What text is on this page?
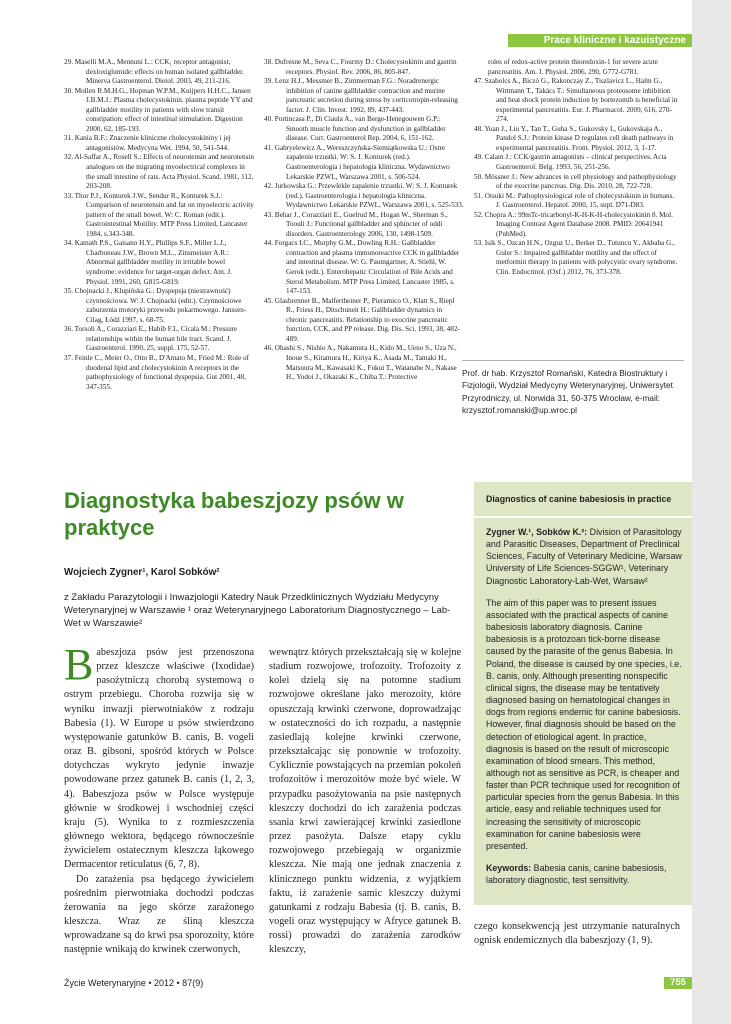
Prace kliniczne i kazuistyczne

29. Maselli M.A., Mennuni L.: CCK₁ receptor antagonist, dexloxiglumide: effects on human isolated gallbladder. Minerva Gastroenterol. Dietol. 2003, 49, 211-216.

30. Mollen R.M.H.G., Hopman W.P.M., Kuijpers H.H.C., Jansen J.B.M.J.: Plasma cholecystokinin. plasma peptide YY and gallbladder motility in patients with slow transit constipation: effect of intestinal stimulation. Digestion 2000, 62, 185-193.

31. Kania B.F.: Znaczenie kliniczne cholecystokininy i jej antagonistów. Medycyna Wet. 1994, 50, 541-544.

32. Al-Saffar A., Rosell S.: Effects of neurotensin and neurotensin analogues on the migrating myoelectrical complexes in the small intestine of rats. Acta Physiol. Scand. 1981, 112, 203-208.

33. Thor P.J., Konturek J.W., Sendur R., Konturek S.J.: Comparison of neurotensin and fat on myoelectric activity pattern of the small bowel. W: C. Roman (edit.). Gastrointestinal Motility. MTP Press Limited, Lancaster 1984, s.343-348.

34. Kamath P.S., Gaisano H.Y., Phillips S.F., Miller L.J., Charboneau J.W., Brown M.L., Zinsmeister A.R.: Abnormal gallbladder motility in irritable bowel syndrome: evidence for target-organ defect. Am. J. Physiol. 1991, 260, G815-G819.

35. Chojnacki J., Klupińska G.: Dyspepsja (niestrawność) czynnościowa. W: J. Chojnacki (edit.). Czynnościowe zaburzenia motoryki przewodu pokarmowego. Janssen-Cilag, Łódź 1997, s. 68-75.

36. Torsoli A., Corazziari E., Habib F.I., Cicala M.: Pressure relationships within the human bile tract. Scand. J. Gastroenterol. 1990, 25, suppl. 175, 52-57.

37. Feinle C., Meier O., Otto B., D'Amato M., Fried M.: Role of duodenal lipid and cholecystokinin A receptors in the pathophysiology of functional dyspepsia. Gut 2001, 48, 347-355.

38. Dufresne M., Seva C., Fourmy D.: Cholecystokinin and gastrin receptors. Physiol. Rev. 2006, 86, 805-847.

39. Lenz H.J., Messmer B., Zimmerman F.G.: Noradrenergic inhibition of canine gallbladder contraction and murine pancreatic secretion during stress by corticotropin-releasing factor. J. Clin. Invest. 1992, 89, 437-443.

40. Portincasa P., Di Ciaula A., van Berge-Henegouwen G.P.: Smooth muscle function and dysfunction in gallbladder disease. Curr. Gastroenterol Rep. 2004, 6, 151-162.

41. Gabryelewicz A., Wereszczyńska-Siemiątkowska U.: Ostre zapalenie trzustki. W: S. J. Konturek (red.). Gastroenterologia i hepatologia kliniczna. Wydawnictwo Lekarskie PZWL, Warszawa 2001, s. 506-524.

42. Jurkowska G.: Przewlekłe zapalenie trzustki. W: S. J. Konturek (red.). Gastroenterologia i hepatologia kliniczna. Wydawnictwo Lekarskie PZWL, Warszawa 2001, s. 525-533.

43. Behar J., Corazziari E., Guelrud M., Hogan W., Sherman S., Toouli J.: Functional gallbladder and sphincter of oddi disorders. Gastroenterology 2006, 130, 1498-1509.

44. Forgacs I.C., Murphy G.M., Dowling R.H.: Gallbladder contraction and plasma immunoreactive CCK in gallbladder and intestinal disease. W: G. Paumgartner, A. Stiehl, W. Gerok (edit.). Enterohepatic Circulation of Bile Acids and Sterol Metabolism. MTP Press Limited, Lancaster 1985, s. 147-153.

45. Glasbrenner B., Malfertheiner P., Pieramico O., Klatt S., Riepl R., Friess H., Ditschuneit H.: Gallbladder dynamics in chronic pancreatitis. Relationship to exocrine pancreatic function, CCK, and PP release. Dig. Dis. Sci. 1993, 38, 482-489.

46. Ohashi S., Nishio A., Nakamura H., Kido M., Ueno S., Uza N., Inoue S., Kitamura H., Kiriya K., Asada M., Tamaki H., Matsuura M., Kawasaki K., Fukui T., Watanabe N., Nakase H., Yodoi J., Okazaki K., Chiba T.: Protective

roles of redox-active protein thioredoxin-1 for severe acute pancreatitis. Am. J. Physiol. 2006, 290, G772-G781.

47. Szabolcs A., Biczó G., Rakonczay Z., Tiszlavicz L., Halm G., Wittmann T., Takács T.: Simultaneous proteosome inhibition and heat shock protein induction by bortezomib is beneficial in experimental pancreatitis. Eur. J. Pharmacol. 2009, 616, 270-274.

48. Yuan J., Liu Y., Tan T., Guha S., Gukovsky I., Gukovskaja A., Pandol S.J.: Protein kinase D regulates cell death pathways in experimental pancreatitis. Front. Physiol. 2012, 3, 1-17.

49. Calam J.: CCK/gastrin antagonists – clinical perspectives. Acta Gastroenterol. Belg. 1993, 56, 251-256.

50. Mössner J.: New advances in cell physiology and pathophysiology of the exocrine pancreas. Dig. Dis. 2010, 28, 722-728.

51. Otsuki M.: Pathophysiological role of cholecystokinin in humans. J. Gastroenterol. Hepatol. 2000, 15, supl. D71-D83.

52. Chopra A.: 99mTc-tricarbonyl-K-H-K-H-cholecystokinin 8. Mol. Imaging Contrast Agent Database 2008. PMID: 20641941 (PubMed).

53. Isik S., Ozcan H.N., Ozguz U., Berker D., Tutuncu Y., Akbaba G., Guler S.: Impaired gallbladder motility and the effect of metformin therapy in patients with polycystic ovary syndrome. Clin. Endocrinol. (Oxf.) 2012, 76, 373-378.

Prof. dr hab. Krzysztof Romański, Katedra Biostruktury i Fizjologii, Wydział Medycyny Weterynaryjnej, Uniwersytet Przyrodniczy, ul. Norwida 31, 50-375 Wrocław, e-mail: krzysztof.romanski@up.wroc.pl
Diagnostyka babeszjozy psów w praktyce
Wojciech Zygner¹, Karol Sobków²
z Zakładu Parazytologii i Inwazjologii Katedry Nauk Przedklinicznych Wydziału Medycyny Weterynaryjnej w Warszawie ¹ oraz Weterynaryjnego Laboratorium Diagnostycznego – Lab-Wet w Warszawie²

Babeszjoza psów jest przenoszona przez kleszcze właściwe (Ixodidae) pasożytniczą chorobą systemową o ostrym przebiegu. Choroba rozwija się w wyniku inwazji pierwotniaków z rodzaju Babesia (1). W Europe u psów stwierdzono występowanie gatunków B. canis, B. vogeli oraz B. gibsoni, spośród których w Polsce dotychczas wykryto jedynie inwazje powodowane przez gatunek B. canis (1, 2, 3, 4). Babeszjoza psów w Polsce występuje głównie w środkowej i wschodniej części kraju (5). Wynika to z rozmieszczenia głównego wektora, będącego równocześnie żywicielem ostatecznym kleszcza łąkowego Dermacentor reticulatus (6, 7, 8).

Do zarażenia psa będącego żywicielem pośrednim pierwotniaka dochodzi podczas żerowania na jego skórze zarażonego kleszcza. Wraz ze śliną kleszcza wprowadzane są do krwi psa sporozoity, które następnie wnikają do krwinek czerwonych,

wewnątrz których przekształcają się w kolejne stadium rozwojowe, trofozoity. Trofozoity z kolei dzielą się na potomne stadium rozwojowe określane jako merozoity, które opuszczają krwinki czerwone, doprowadzając w ostateczności do ich rozpadu, a następnie zasiedlają kolejne krwinki czerwone, przekształcając się ponownie w trofozoity. Cyklicznie powstających na przemian pokoleń trofozoitów i merozoitów może być wiele. W przypadku pasożytowania na psie następnych kleszczy dochodzi do ich zarażenia podczas ssania krwi zawierającej krwinki zasiedlone przez pasożyta. Dalsze etapy cyklu rozwojowego przebiegają w organizmie kleszcza. Nie mają one jednak znaczenia z klinicznego punktu widzenia, z wyjątkiem faktu, iż zarażenie samic kleszczy dużymi gatunkami z rodzaju Babesia (tj. B. canis, B. vogeli oraz występujący w Afryce gatunek B. rossi) prowadzi do zarażenia zarodków kleszczy,

czego konsekwencją jest utrzymanie naturalnych ognisk endemicznych dla babeszjozy (1, 9).

Diagnostics of canine babesiosis in practice

Zygner W.¹, Sobków K.²: Division of Parasitology and Parasitic Diseases, Department of Preclinical Sciences, Faculty of Veterinary Medicine, Warsaw University of Life Sciences-SGGW¹, Veterinary Diagnostic Laboratory-Lab-Wet, Warsaw²

The aim of this paper was to present issues associated with the practical aspects of canine babesiosis laboratory diagnosis. Canine babesiosis is a protozoan tick-borne disease caused by the parasite of the genus Babesia. In Poland, the disease is caused by one species, i.e. B. canis, only. Although presenting nonspecific clinical signs, the disease may be tentatively diagnosed basing on hematological changes in dogs from regions endemic for canine babesiosis. However, final diagnosis should be based on the detection of etiological agent. In practice, diagnosis is based on the result of microscopic examination of blood smears. This method, although not as sensitive as PCR, is cheaper and faster than PCR technique used for recognition of particular species from the genus Babesia. In this article, easy and reliable techniques used for increasing the sensitivity of microscopic examination for canine babesiosis were presented.

Keywords: Babesia canis, canine babesiosis, laboratory diagnostic, test sensitivity.

Życie Weterynaryjne • 2012 • 87(9)	755
